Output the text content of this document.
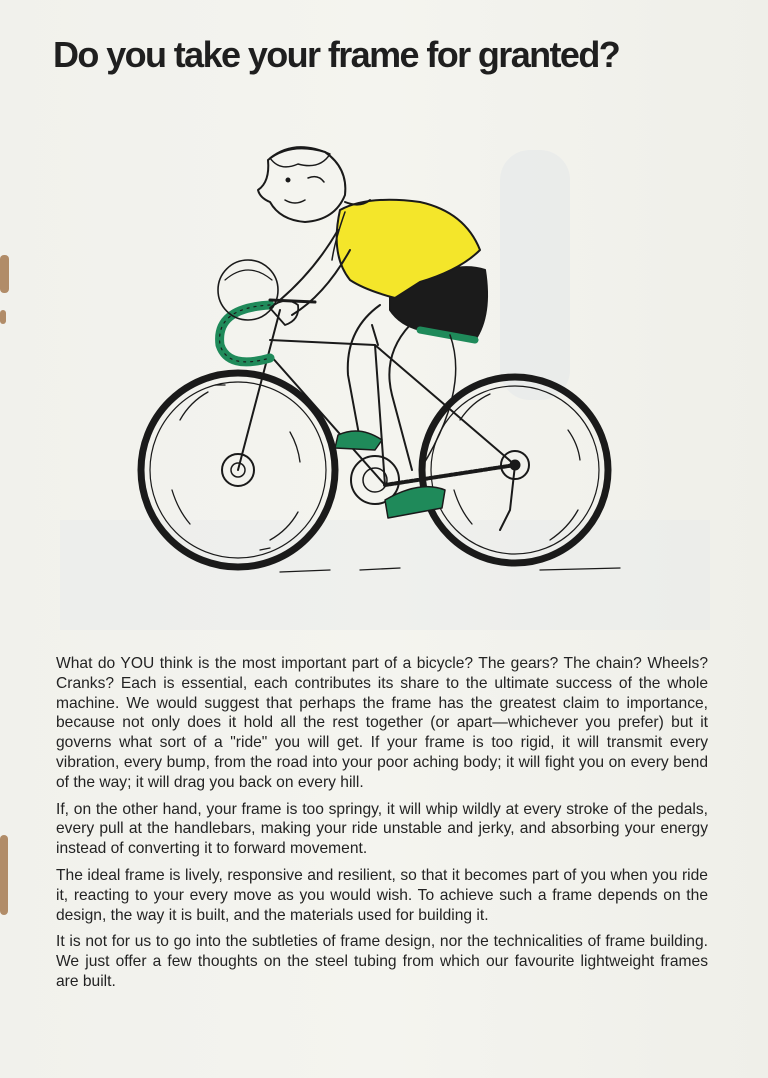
Do you take your frame for granted?

What do YOU think is the most important part of a bicycle? The gears? The chain? Wheels? Cranks? Each is essential, each contributes its share to the ultimate success of the whole machine. We would suggest that perhaps the frame has the greatest claim to importance, because not only does it hold all the rest together (or apart—whichever you prefer) but it governs what sort of a "ride" you will get. If your frame is too rigid, it will transmit every vibration, every bump, from the road into your poor aching body; it will fight you on every bend of the way; it will drag you back on every hill.

If, on the other hand, your frame is too springy, it will whip wildly at every stroke of the pedals, every pull at the handlebars, making your ride unstable and jerky, and absorbing your energy instead of converting it to forward movement.

The ideal frame is lively, responsive and resilient, so that it becomes part of you when you ride it, reacting to your every move as you would wish. To achieve such a frame depends on the design, the way it is built, and the materials used for building it.

It is not for us to go into the subtleties of frame design, nor the technicalities of frame building. We just offer a few thoughts on the steel tubing from which our favourite lightweight frames are built.
